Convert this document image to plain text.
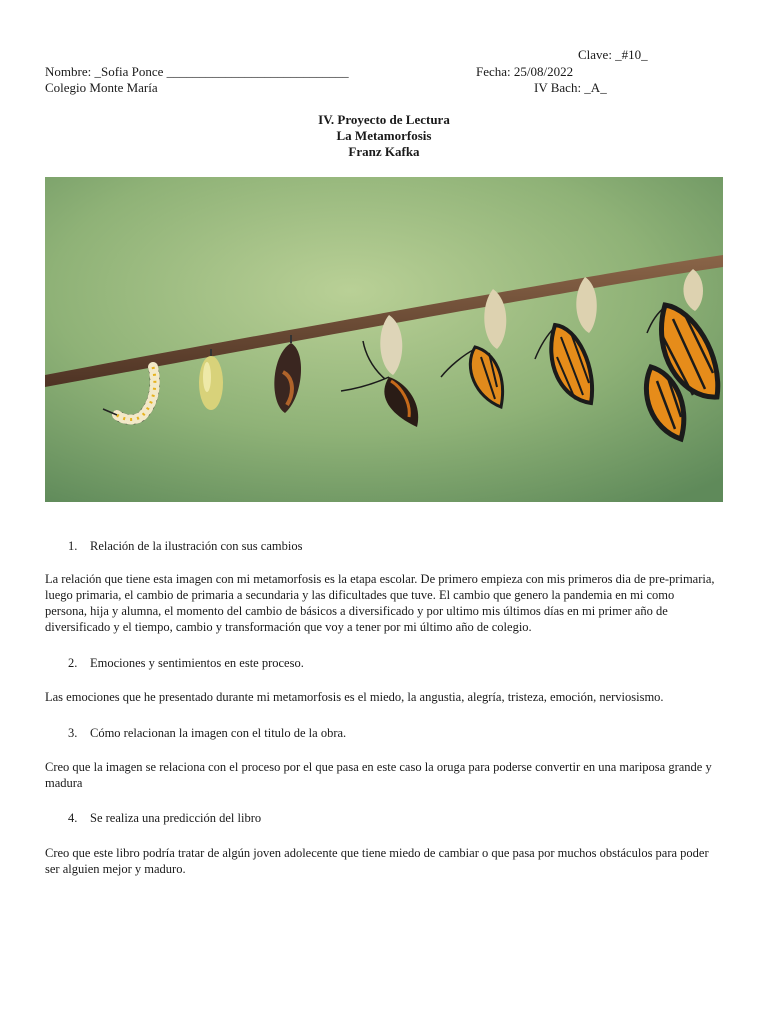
Clave: _#10_
Nombre: _Sofia Ponce ____________________________	Fecha: 25/08/2022
Colegio Monte María	IV Bach: _A_
IV. Proyecto de Lectura
La Metamorfosis
Franz Kafka
1. Relación de la ilustración con sus cambios
La relación que tiene esta imagen con mi metamorfosis es la etapa escolar. De primero empieza con mis primeros dia de pre-primaria, luego primaria, el cambio de primaria a secundaria y las dificultades que tuve. El cambio que genero la pandemia en mi como persona, hija y alumna, el momento del cambio de básicos a diversificado y por ultimo mis últimos días en mi primer año de diversificado y el tiempo, cambio y transformación que voy a tener por mi último año de colegio.
2. Emociones y sentimientos en este proceso.
Las emociones que he presentado durante mi metamorfosis es el miedo, la angustia, alegría, tristeza, emoción, nerviosismo.
3. Cómo relacionan la imagen con el titulo de la obra.
Creo que la imagen se relaciona con el proceso por el que pasa en este caso la oruga para poderse convertir en una mariposa grande y madura
4. Se realiza una predicción del libro
Creo que este libro podría tratar de algún joven adolecente que tiene miedo de cambiar o que pasa por muchos obstáculos para poder ser alguien mejor y maduro.
